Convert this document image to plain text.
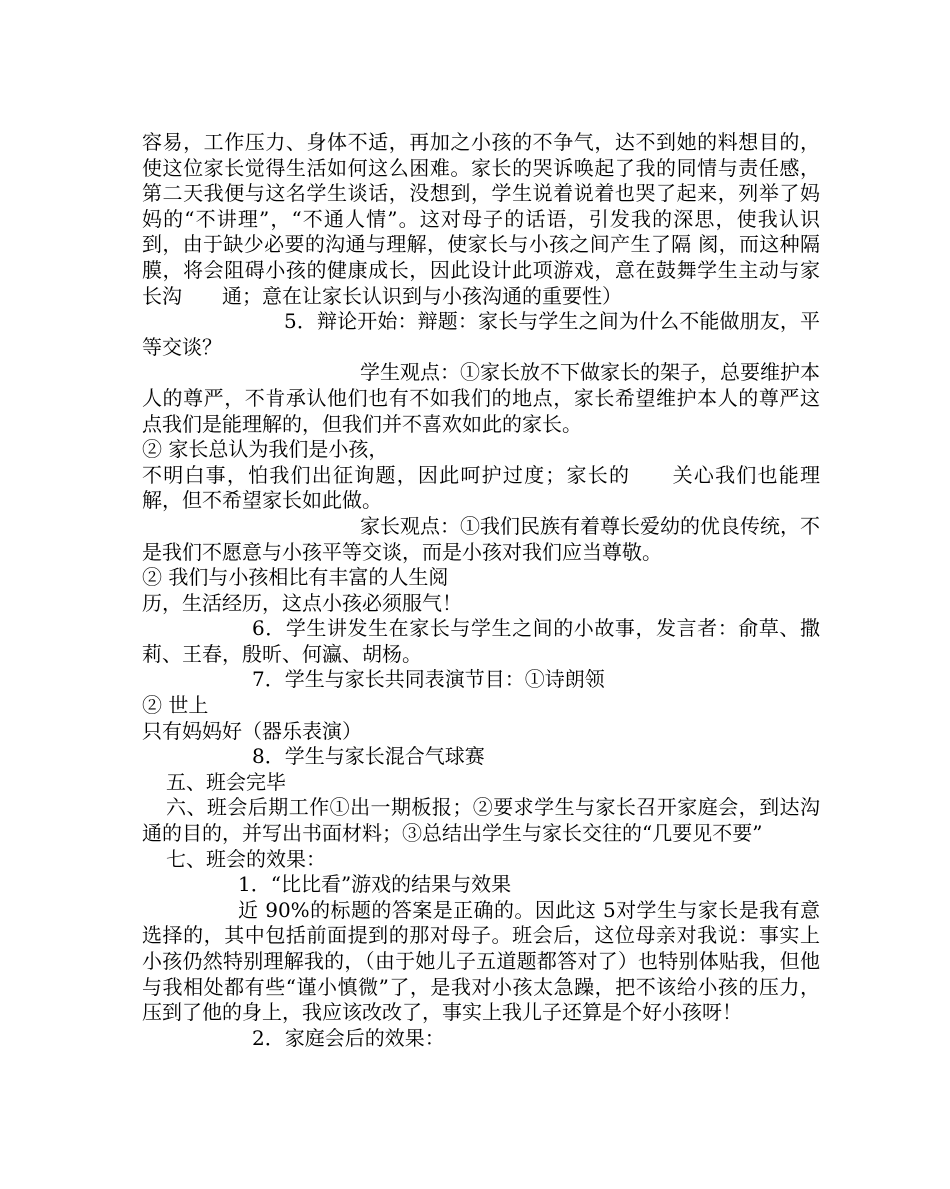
容易，工作压力、身体不适，再加之小孩的不争气，达不到她的料想目的，使这位家长觉得生活如何这么困难。家长的哭诉唤起了我的同情与责任感，第二天我便与这名学生谈话，没想到，学生说着说着也哭了起来，列举了妈妈的“不讲理”，“不通人情”。这对母子的话语，引发我的深思，使我认识到，由于缺少必要的沟通与理解，使家长与小孩之间产生了隔 阂，而这种隔膜，将会阻碍小孩的健康成长，因此设计此项游戏，意在鼓舞学生主动与家长沟　　通；意在让家长认识到与小孩沟通的重要性）

5．辩论开始：辩题：家长与学生之间为什么不能做朋友，平等交谈？

学生观点：①家长放不下做家长的架子，总要维护本人的尊严，不肯承认他们也有不如我们的地点，家长希望维护本人的尊严这点我们是能理解的，但我们并不喜欢如此的家长。

② 家长总认为我们是小孩，

不明白事，怕我们出征询题，因此呵护过度；家长的　　关心我们也能理解，但不希望家长如此做。

家长观点：①我们民族有着尊长爱幼的优良传统，不是我们不愿意与小孩平等交谈，而是小孩对我们应当尊敬。

② 我们与小孩相比有丰富的人生阅

历，生活经历，这点小孩必须服气！

6．学生讲发生在家长与学生之间的小故事，发言者：俞草、撒莉、王春，殷昕、何瀛、胡杨。

7．学生与家长共同表演节目：①诗朗领

② 世上

只有妈妈好（器乐表演）

8．学生与家长混合气球赛

五、班会完毕

六、班会后期工作①出一期板报；②要求学生与家长召开家庭会，到达沟通的目的，并写出书面材料；③总结出学生与家长交往的“几要见不要”

七、班会的效果：

1．“比比看”游戏的结果与效果

近 90%的标题的答案是正确的。因此这 5对学生与家长是我有意选择的，其中包括前面提到的那对母子。班会后，这位母亲对我说：事实上小孩仍然特别理解我的，（由于她儿子五道题都答对了）也特别体贴我，但他与我相处都有些“谨小慎微”了，是我对小孩太急躁，把不该给小孩的压力，压到了他的身上，我应该改改了，事实上我儿子还算是个好小孩呀！

2．家庭会后的效果：
